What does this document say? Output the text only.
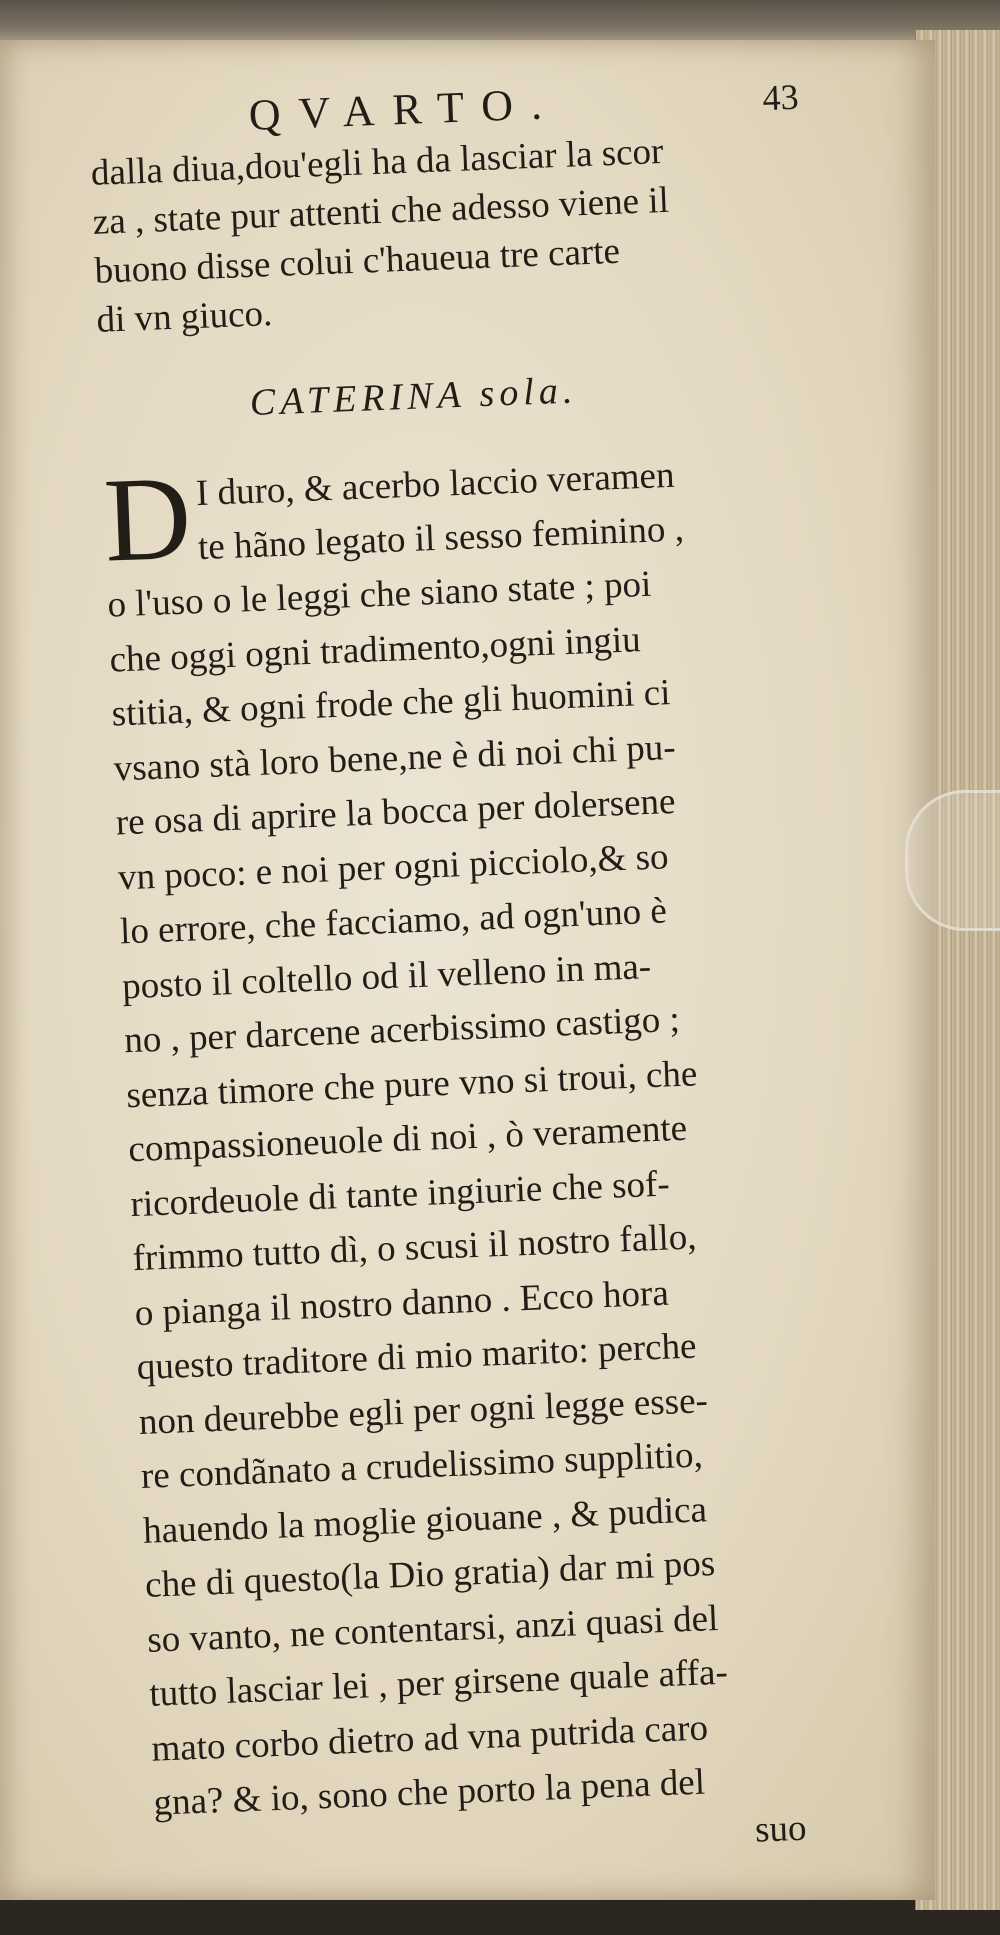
QVARTO.	43
dalla diua,dou'egli ha da lasciar la scor
za , state pur attenti che adesso viene il
buono disse colui c'haueua tre carte
di vn giuco.
CATERINA sola.
D I duro, & acerbo laccio veramen
te hãno legato il sesso feminino ,
o l'uso o le leggi che siano state ; poi
che oggi ogni tradimento,ogni ingiu
stitia, & ogni frode che gli huomini ci
vsano stà loro bene,ne è di noi chi pu-
re osa di aprire la bocca per dolersene
vn poco: e noi per ogni picciolo,& so
lo errore, che facciamo, ad ogn'uno è
posto il coltello od il velleno in ma-
no , per darcene acerbissimo castigo ;
senza timore che pure vno si troui, che
compassioneuole di noi , ò veramente
ricordeuole di tante ingiurie che sof-
frimmo tutto dì, o scusi il nostro fallo,
o pianga il nostro danno . Ecco hora
questo traditore di mio marito: perche
non deurebbe egli per ogni legge esse-
re condãnato a crudelissimo supplitio,
hauendo la moglie giouane , & pudica
che di questo(la Dio gratia) dar mi pos
so vanto, ne contentarsi, anzi quasi del
tutto lasciar lei , per girsene quale affa-
mato corbo dietro ad vna putrida caro
gna? & io, sono che porto la pena del
suo
